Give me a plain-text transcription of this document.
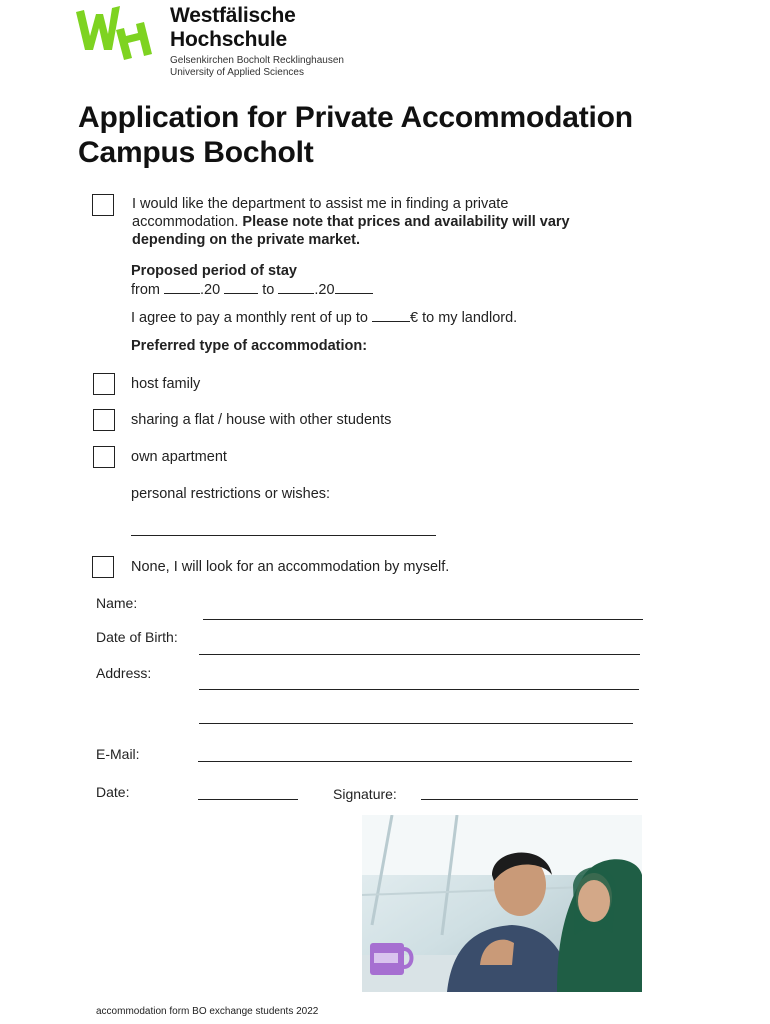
Westfälische
Hochschule
Gelsenkirchen Bocholt Recklinghausen
University of Applied Sciences
Application for Private Accommodation
Campus Bocholt
I would like the department to assist me in finding a private
accommodation. Please note that prices and availability will vary
depending on the private market.
Proposed period of stay
from	.20	to	.20
I agree to pay a monthly rent of up to	€ to my landlord.
Preferred type of accommodation:
host family
sharing a flat / house with other students
own apartment
personal restrictions or wishes:
None, I will look for an accommodation by myself.
Name:
Date of Birth:
Address:
E-Mail:
Date:	Signature:
accommodation form BO exchange students 2022
